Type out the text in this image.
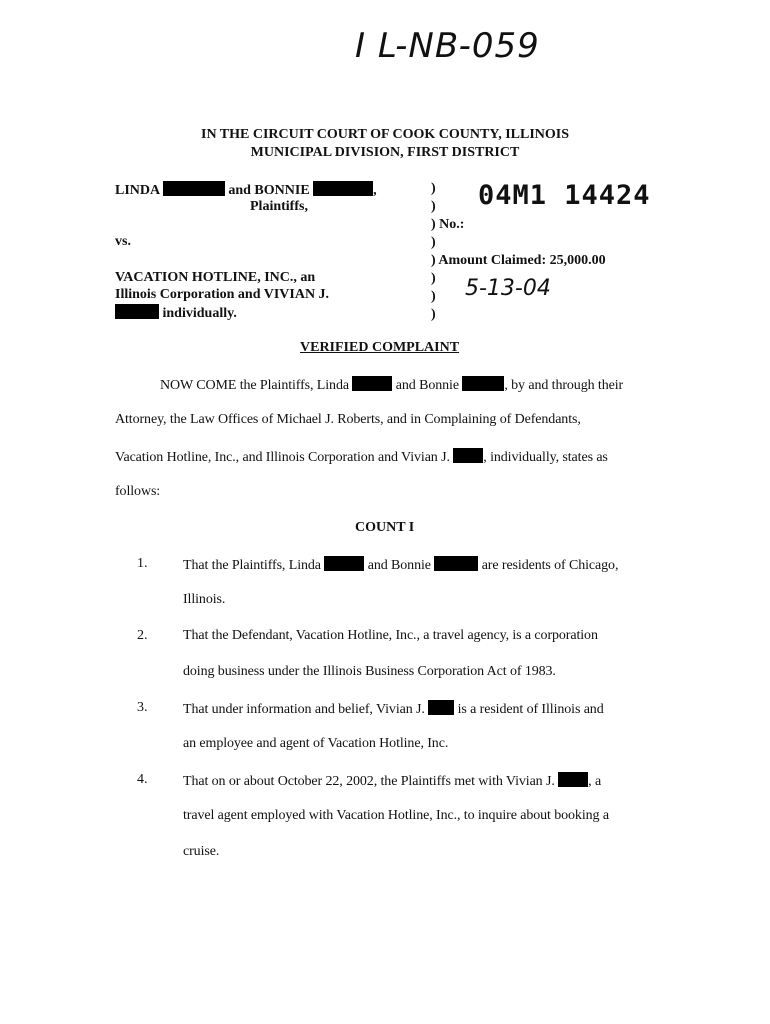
I L-NB-059
IN THE CIRCUIT COURT OF COOK COUNTY, ILLINOIS
MUNICIPAL DIVISION, FIRST DISTRICT
LINDA	and BONNIE	,
Plaintiffs,
vs.
VACATION HOTLINE, INC., an
Illinois Corporation and VIVIAN J.
individually.
)
)
) No.:
)
) Amount Claimed: 25,000.00
)
)
)
04M1 14424
5-13-04
VERIFIED COMPLAINT
NOW COME the Plaintiffs, Linda	and Bonnie	, by and through their
Attorney, the Law Offices of Michael J. Roberts, and in Complaining of Defendants,
Vacation Hotline, Inc., and Illinois Corporation and Vivian J. , individually, states as
follows:
COUNT I
1.	That the Plaintiffs, Linda	and Bonnie	are residents of Chicago,
Illinois.
2.	That the Defendant, Vacation Hotline, Inc., a travel agency, is a corporation
doing business under the Illinois Business Corporation Act of 1983.
3.	That under information and belief, Vivian J. is a resident of Illinois and
an employee and agent of Vacation Hotline, Inc.
4.	That on or about October 22, 2002, the Plaintiffs met with Vivian J. , a
travel agent employed with Vacation Hotline, Inc., to inquire about booking a
cruise.
